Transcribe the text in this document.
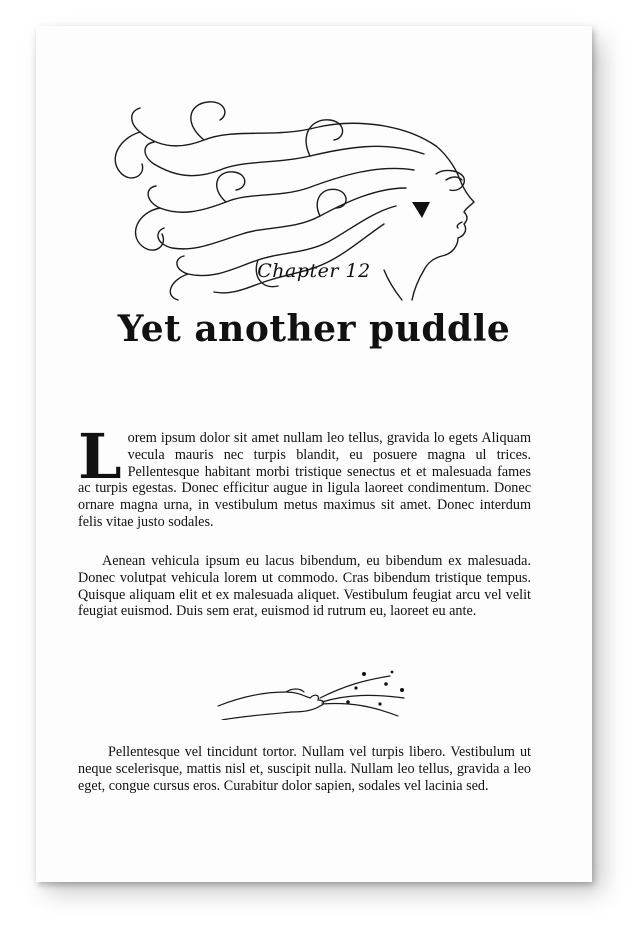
Chapter 12
Yet another puddle

Lorem ipsum dolor sit amet nullam leo tellus, gravida lo egets Aliquam vecula mauris nec turpis blandit, eu posuere magna ul trices. Pellentesque habitant morbi tristique senectus et et malesuada fames ac turpis egestas. Donec efficitur augue in ligula laoreet condimentum. Donec ornare magna urna, in vestibulum metus maximus sit amet. Donec interdum felis vitae justo sodales.

Aenean vehicula ipsum eu lacus bibendum, eu bibendum ex malesuada. Donec volutpat vehicula lorem ut commodo. Cras bibendum tristique tempus. Quisque aliquam elit et ex malesuada aliquet. Vestibulum feugiat arcu vel velit feugiat euismod. Duis sem erat, euismod id rutrum eu, laoreet eu ante.

Pellentesque vel tincidunt tortor. Nullam vel turpis libero. Vestibulum ut neque scelerisque, mattis nisl et, suscipit nulla. Nullam leo tellus, gravida a leo eget, congue cursus eros. Curabitur dolor sapien, sodales vel lacinia sed.
